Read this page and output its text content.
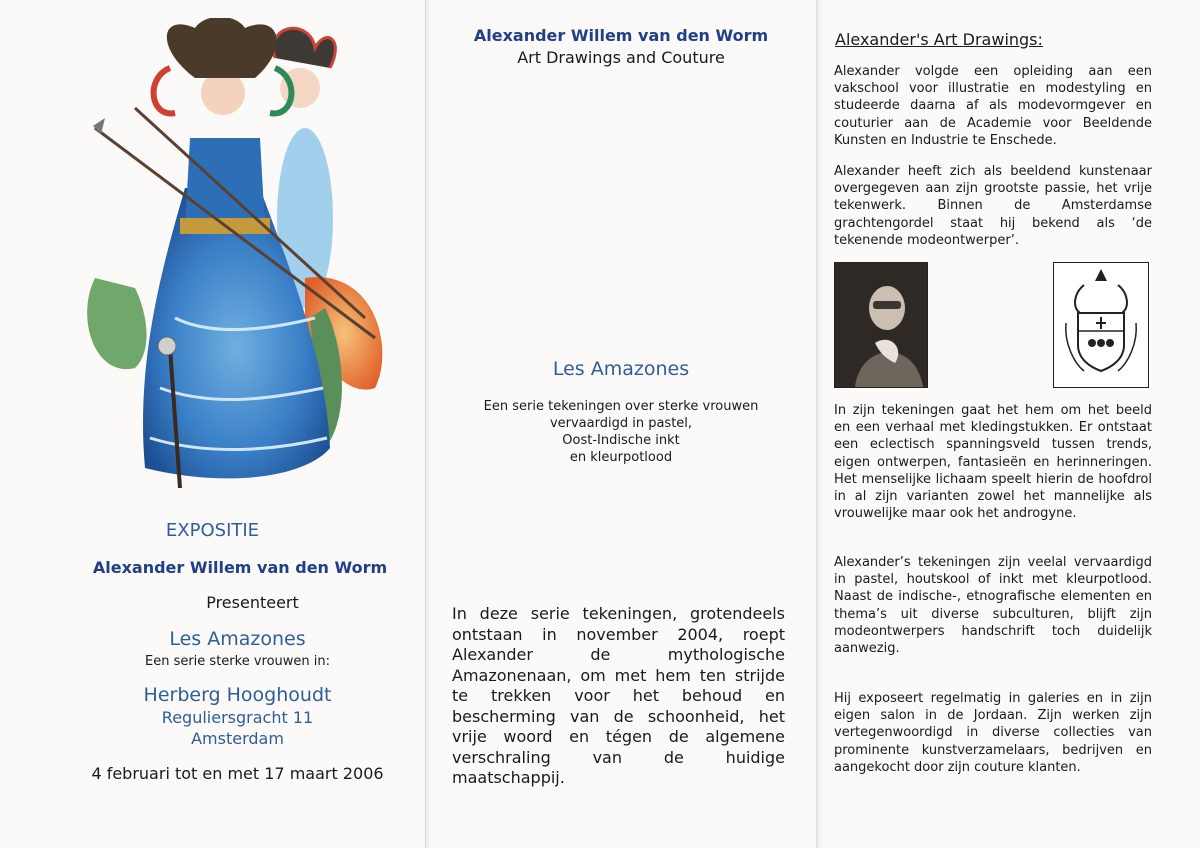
EXPOSITIE
Alexander Willem van den Worm
Presenteert
Les Amazones
Een serie sterke vrouwen in:
Herberg Hooghoudt
Reguliersgracht 11
Amsterdam
4 februari tot en met 17 maart 2006
Alexander Willem van den Worm
Art Drawings and Couture
Les Amazones
Een serie tekeningen over sterke vrouwen
vervaardigd in pastel,
Oost-Indische inkt
en kleurpotlood

In deze serie tekeningen, grotendeels ontstaan in november 2004, roept Alexander de mythologische Amazonenaan, om met hem ten strijde te trekken voor het behoud en bescherming van de schoonheid, het vrije woord en tégen de algemene verschraling van de huidige maatschappij.

Alexander's Art Drawings:

Alexander volgde een opleiding aan een vakschool voor illustratie en modestyling en studeerde daarna af als modevormgever en couturier aan de Academie voor Beeldende Kunsten en Industrie te Enschede.

Alexander heeft zich als beeldend kunstenaar overgegeven aan zijn grootste passie, het vrije tekenwerk. Binnen de Amsterdamse grachtengordel staat hij bekend als ‘de tekenende modeontwerper’.

In zijn tekeningen gaat het hem om het beeld en een verhaal met kledingstukken. Er ontstaat een eclectisch spanningsveld tussen trends, eigen ontwerpen, fantasieën en herinneringen. Het menselijke lichaam speelt hierin de hoofdrol in al zijn varianten zowel het mannelijke als vrouwelijke maar ook het androgyne.

Alexander’s tekeningen zijn veelal vervaardigd in pastel, houtskool of inkt met kleurpotlood. Naast de indische-, etnografische elementen en thema’s uit diverse subculturen, blijft zijn modeontwerpers handschrift toch duidelijk aanwezig.

Hij exposeert regelmatig in galeries en in zijn eigen salon in de Jordaan. Zijn werken zijn vertegenwoordigd in diverse collecties van prominente kunstverzamelaars, bedrijven en aangekocht door zijn couture klanten.
